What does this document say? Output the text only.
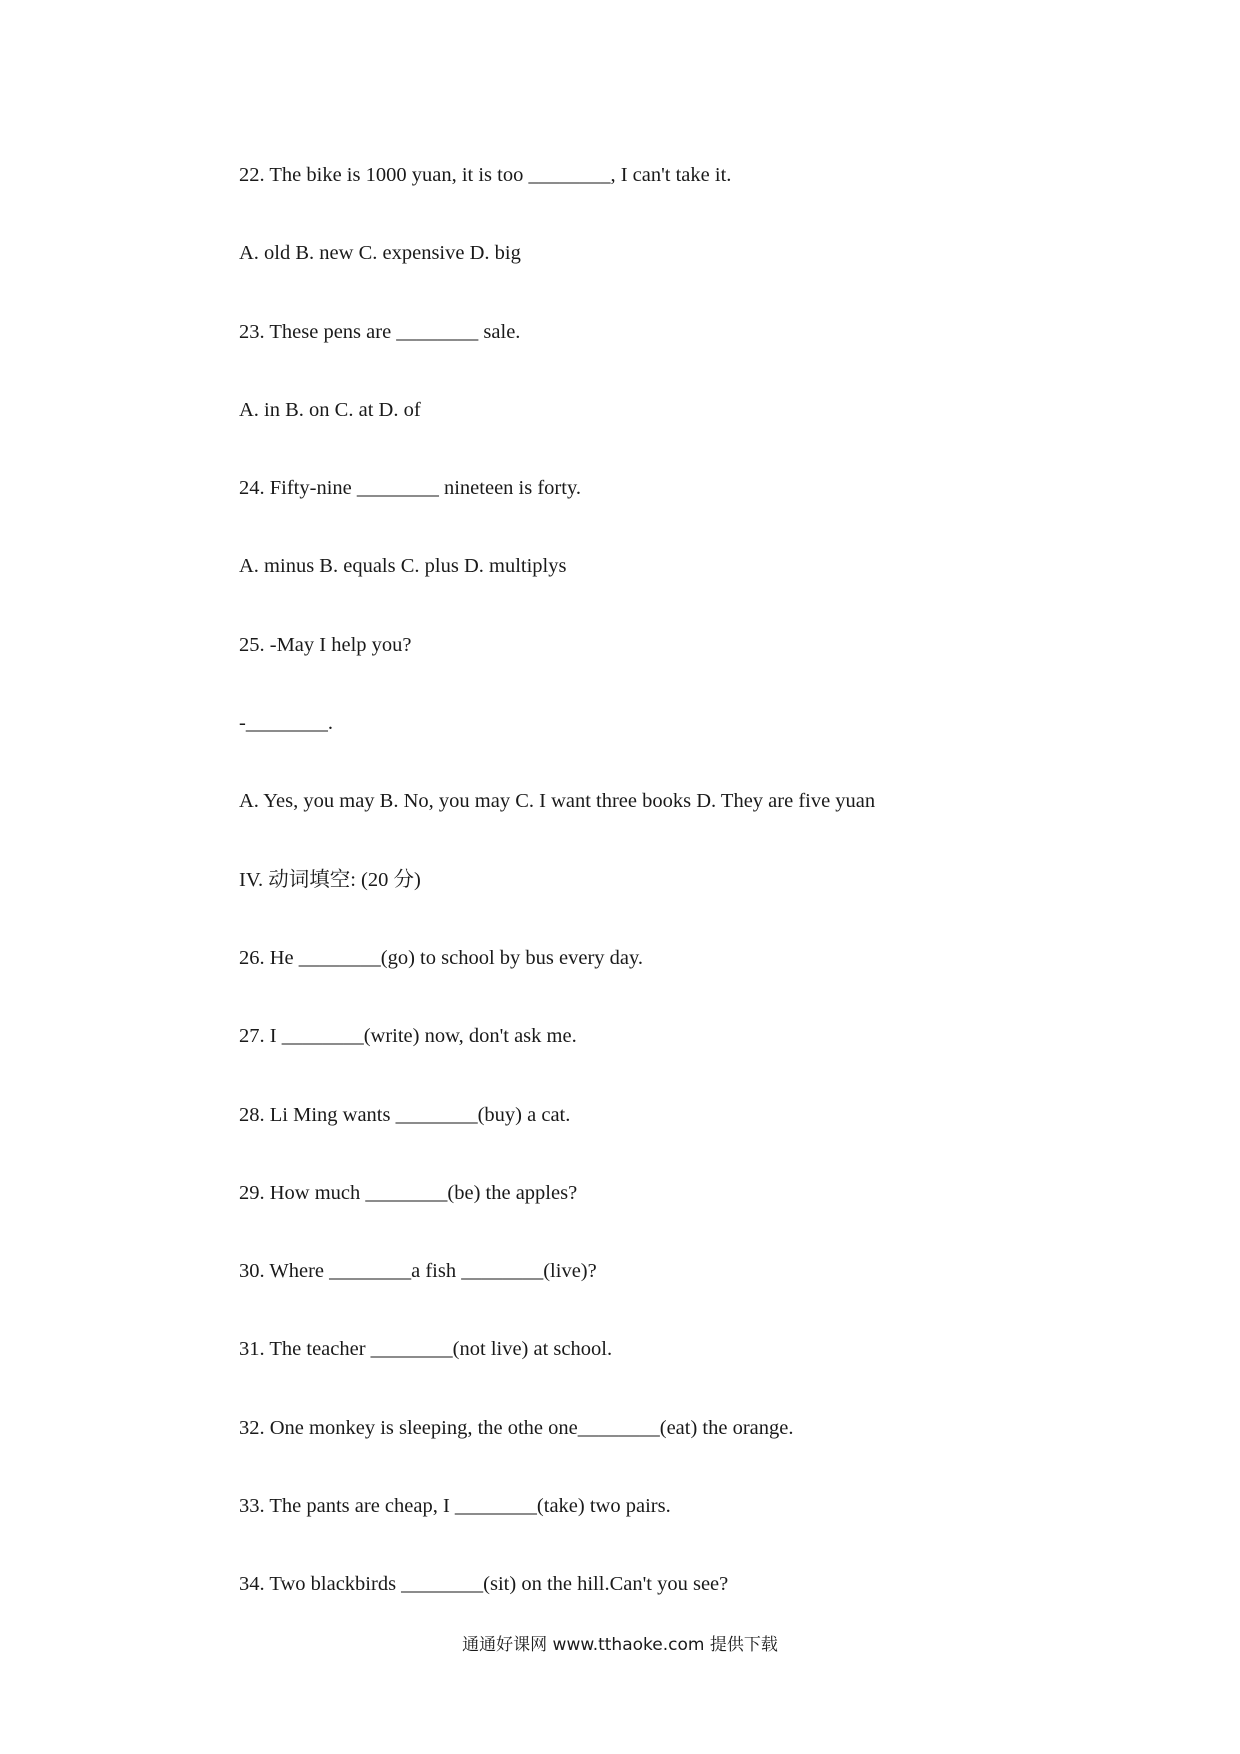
22. The bike is 1000 yuan, it is too ________, I can't take it.
A. old B. new C. expensive D. big
23. These pens are ________ sale.
A. in B. on C. at D. of
24. Fifty-nine ________ nineteen is forty.
A. minus B. equals C. plus D. multiplys
25. -May I help you?
-________.
A. Yes, you may B. No, you may C. I want three books D. They are five yuan
IV. 动词填空: (20 分)
26. He ________(go) to school by bus every day.
27. I ________(write) now, don't ask me.
28. Li Ming wants ________(buy) a cat.
29. How much ________(be) the apples?
30. Where ________a fish ________(live)?
31. The teacher ________(not live) at school.
32. One monkey is sleeping, the othe one________(eat) the orange.
33. The pants are cheap, I ________(take) two pairs.
34. Two blackbirds ________(sit) on the hill.Can't you see?
通通好课网 www.tthaoke.com 提供下载
